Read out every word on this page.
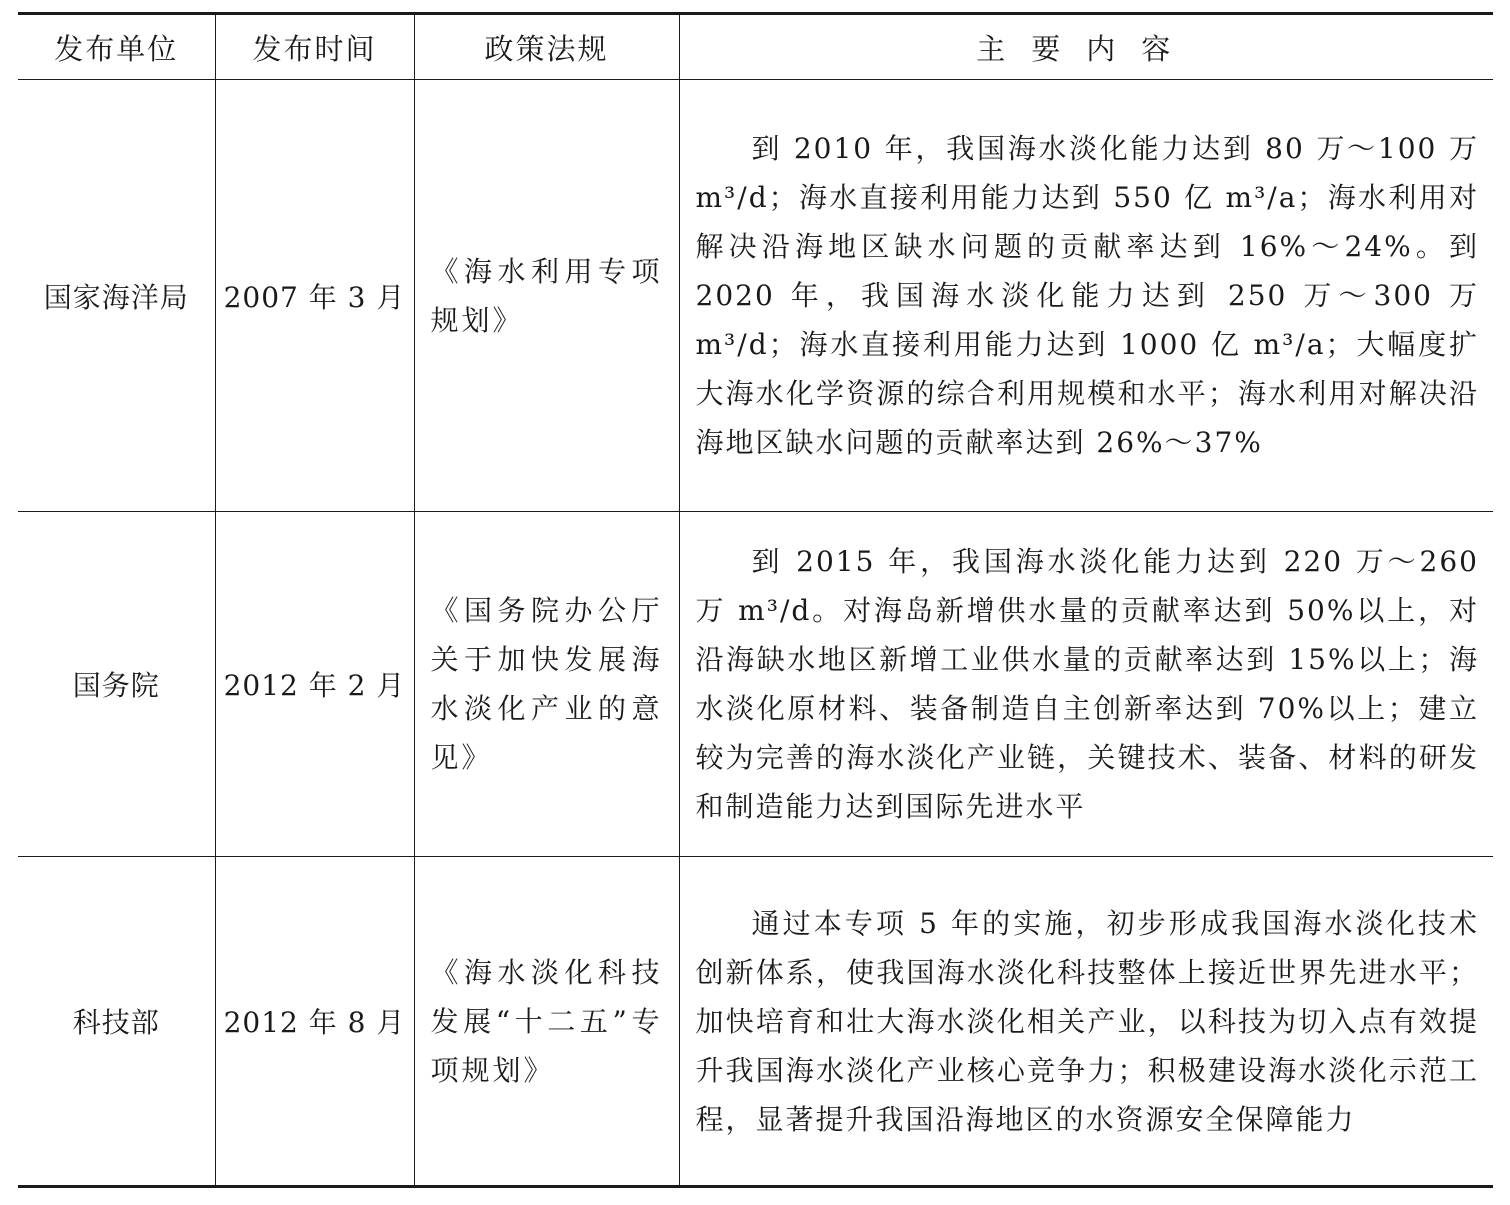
发布单位	发布时间	政策法规	主要内容
国家海洋局	2007 年 3 月	《海水利用专项规划》	到 2010 年，我国海水淡化能力达到 80 万～100 万 m³/d；海水直接利用能力达到 550 亿 m³/a；海水利用对解决沿海地区缺水问题的贡献率达到 16%～24%。到 2020 年，我国海水淡化能力达到 250 万～300 万 m³/d；海水直接利用能力达到 1000 亿 m³/a；大幅度扩大海水化学资源的综合利用规模和水平；海水利用对解决沿海地区缺水问题的贡献率达到 26%～37%

国务院	2012 年 2 月	《国务院办公厅关于加快发展海水淡化产业的意见》	到 2015 年，我国海水淡化能力达到 220 万～260 万 m³/d。对海岛新增供水量的贡献率达到 50%以上，对沿海缺水地区新增工业供水量的贡献率达到 15%以上；海水淡化原材料、装备制造自主创新率达到 70%以上；建立较为完善的海水淡化产业链，关键技术、装备、材料的研发和制造能力达到国际先进水平

科技部	2012 年 8 月	《海水淡化科技发展“十二五”专项规划》	通过本专项 5 年的实施，初步形成我国海水淡化技术创新体系，使我国海水淡化科技整体上接近世界先进水平；加快培育和壮大海水淡化相关产业，以科技为切入点有效提升我国海水淡化产业核心竞争力；积极建设海水淡化示范工程，显著提升我国沿海地区的水资源安全保障能力
